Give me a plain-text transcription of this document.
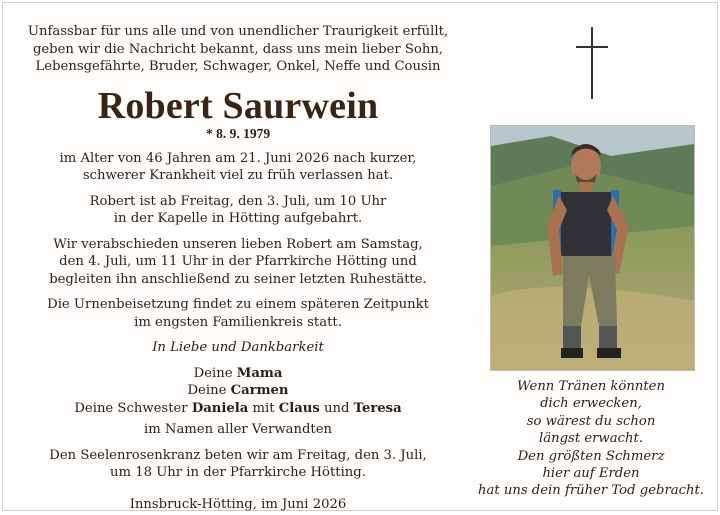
Unfassbar für uns alle und von unendlicher Traurigkeit erfüllt,
geben wir die Nachricht bekannt, dass uns mein lieber Sohn,
Lebensgefährte, Bruder, Schwager, Onkel, Neffe und Cousin
Robert Saurwein
* 8. 9. 1979
im Alter von 46 Jahren am 21. Juni 2026 nach kurzer,
schwerer Krankheit viel zu früh verlassen hat.
Robert ist ab Freitag, den 3. Juli, um 10 Uhr
in der Kapelle in Hötting aufgebahrt.
Wir verabschieden unseren lieben Robert am Samstag,
den 4. Juli, um 11 Uhr in der Pfarrkirche Hötting und
begleiten ihn anschließend zu seiner letzten Ruhestätte.
Die Urnenbeisetzung findet zu einem späteren Zeitpunkt
im engsten Familienkreis statt.
In Liebe und Dankbarkeit
Deine Mama
Deine Carmen
Deine Schwester Daniela mit Claus und Teresa
im Namen aller Verwandten
Den Seelenrosenkranz beten wir am Freitag, den 3. Juli,
um 18 Uhr in der Pfarrkirche Hötting.
Innsbruck-Hötting, im Juni 2026
Wenn Tränen könnten
dich erwecken,
so wärest du schon
längst erwacht.
Den größten Schmerz
hier auf Erden
hat uns dein früher Tod gebracht.
